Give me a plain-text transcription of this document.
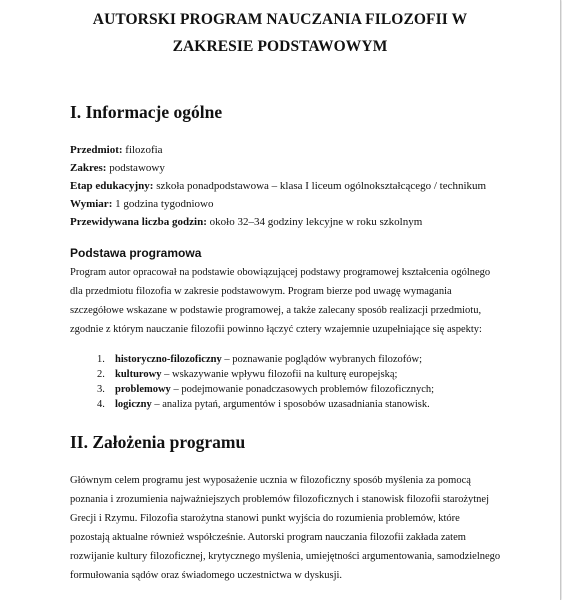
AUTORSKI PROGRAM NAUCZANIA FILOZOFII W

ZAKRESIE PODSTAWOWYM

I. Informacje ogólne

Przedmiot: filozofia

Zakres: podstawowy

Etap edukacyjny: szkoła ponadpodstawowa – klasa I liceum ogólnokształcącego / technikum

Wymiar: 1 godzina tygodniowo

Przewidywana liczba godzin: około 32–34 godziny lekcyjne w roku szkolnym

Podstawa programowa

Program autor opracował na podstawie obowiązującej podstawy programowej kształcenia ogólnego

dla przedmiotu filozofia w zakresie podstawowym. Program bierze pod uwagę wymagania

szczegółowe wskazane w podstawie programowej, a także zalecany sposób realizacji przedmiotu,

zgodnie z którym nauczanie filozofii powinno łączyć cztery wzajemnie uzupełniające się aspekty:

1. historyczno-filozoficzny – poznawanie poglądów wybranych filozofów;

2. kulturowy – wskazywanie wpływu filozofii na kulturę europejską;

3. problemowy – podejmowanie ponadczasowych problemów filozoficznych;

4. logiczny – analiza pytań, argumentów i sposobów uzasadniania stanowisk.

II. Założenia programu

Głównym celem programu jest wyposażenie ucznia w filozoficzny sposób myślenia za pomocą

poznania i zrozumienia najważniejszych problemów filozoficznych i stanowisk filozofii starożytnej

Grecji i Rzymu. Filozofia starożytna stanowi punkt wyjścia do rozumienia problemów, które

pozostają aktualne również współcześnie. Autorski program nauczania filozofii zakłada zatem

rozwijanie kultury filozoficznej, krytycznego myślenia, umiejętności argumentowania, samodzielnego

formułowania sądów oraz świadomego uczestnictwa w dyskusji.
